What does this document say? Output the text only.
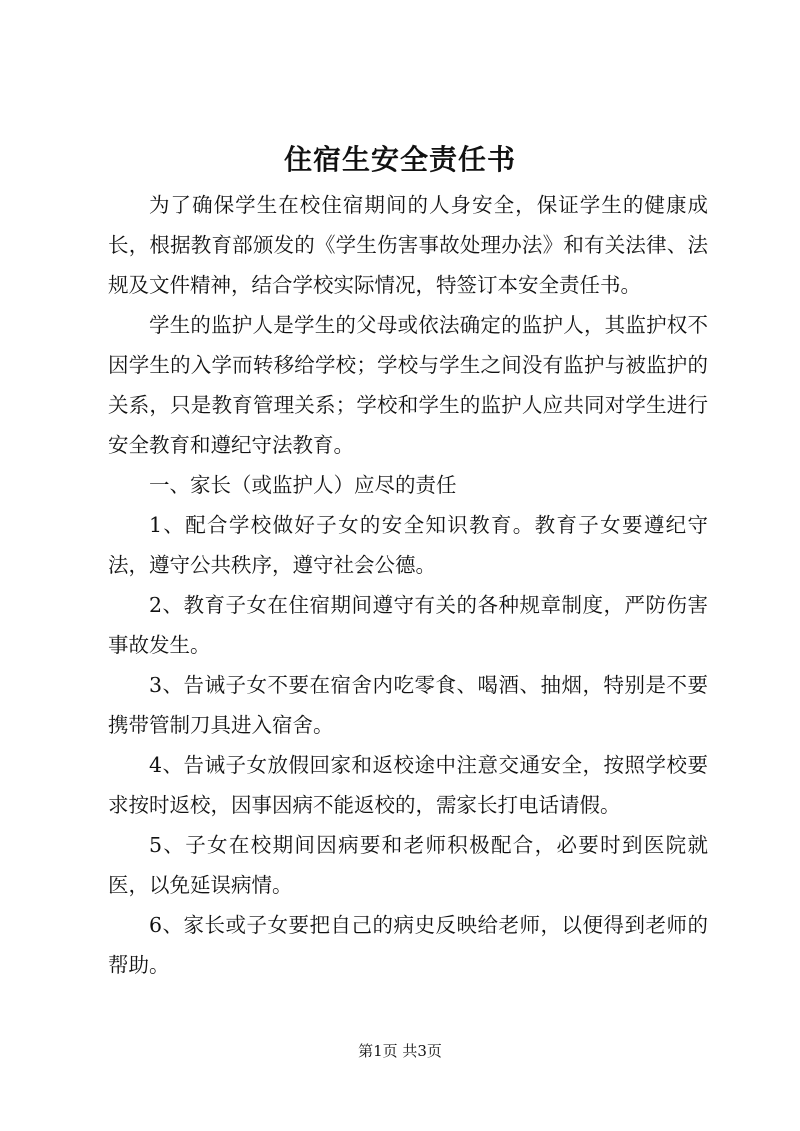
住宿生安全责任书

为了确保学生在校住宿期间的人身安全，保证学生的健康成长，根据教育部颁发的《学生伤害事故处理办法》和有关法律、法规及文件精神，结合学校实际情况，特签订本安全责任书。

学生的监护人是学生的父母或依法确定的监护人，其监护权不因学生的入学而转移给学校；学校与学生之间没有监护与被监护的关系，只是教育管理关系；学校和学生的监护人应共同对学生进行安全教育和遵纪守法教育。

一、家长（或监护人）应尽的责任

1、配合学校做好子女的安全知识教育。教育子女要遵纪守法，遵守公共秩序，遵守社会公德。

2、教育子女在住宿期间遵守有关的各种规章制度，严防伤害事故发生。

3、告诫子女不要在宿舍内吃零食、喝酒、抽烟，特别是不要携带管制刀具进入宿舍。

4、告诫子女放假回家和返校途中注意交通安全，按照学校要求按时返校，因事因病不能返校的，需家长打电话请假。

5、子女在校期间因病要和老师积极配合，必要时到医院就医，以免延误病情。

6、家长或子女要把自己的病史反映给老师，以便得到老师的帮助。

第1页 共3页
